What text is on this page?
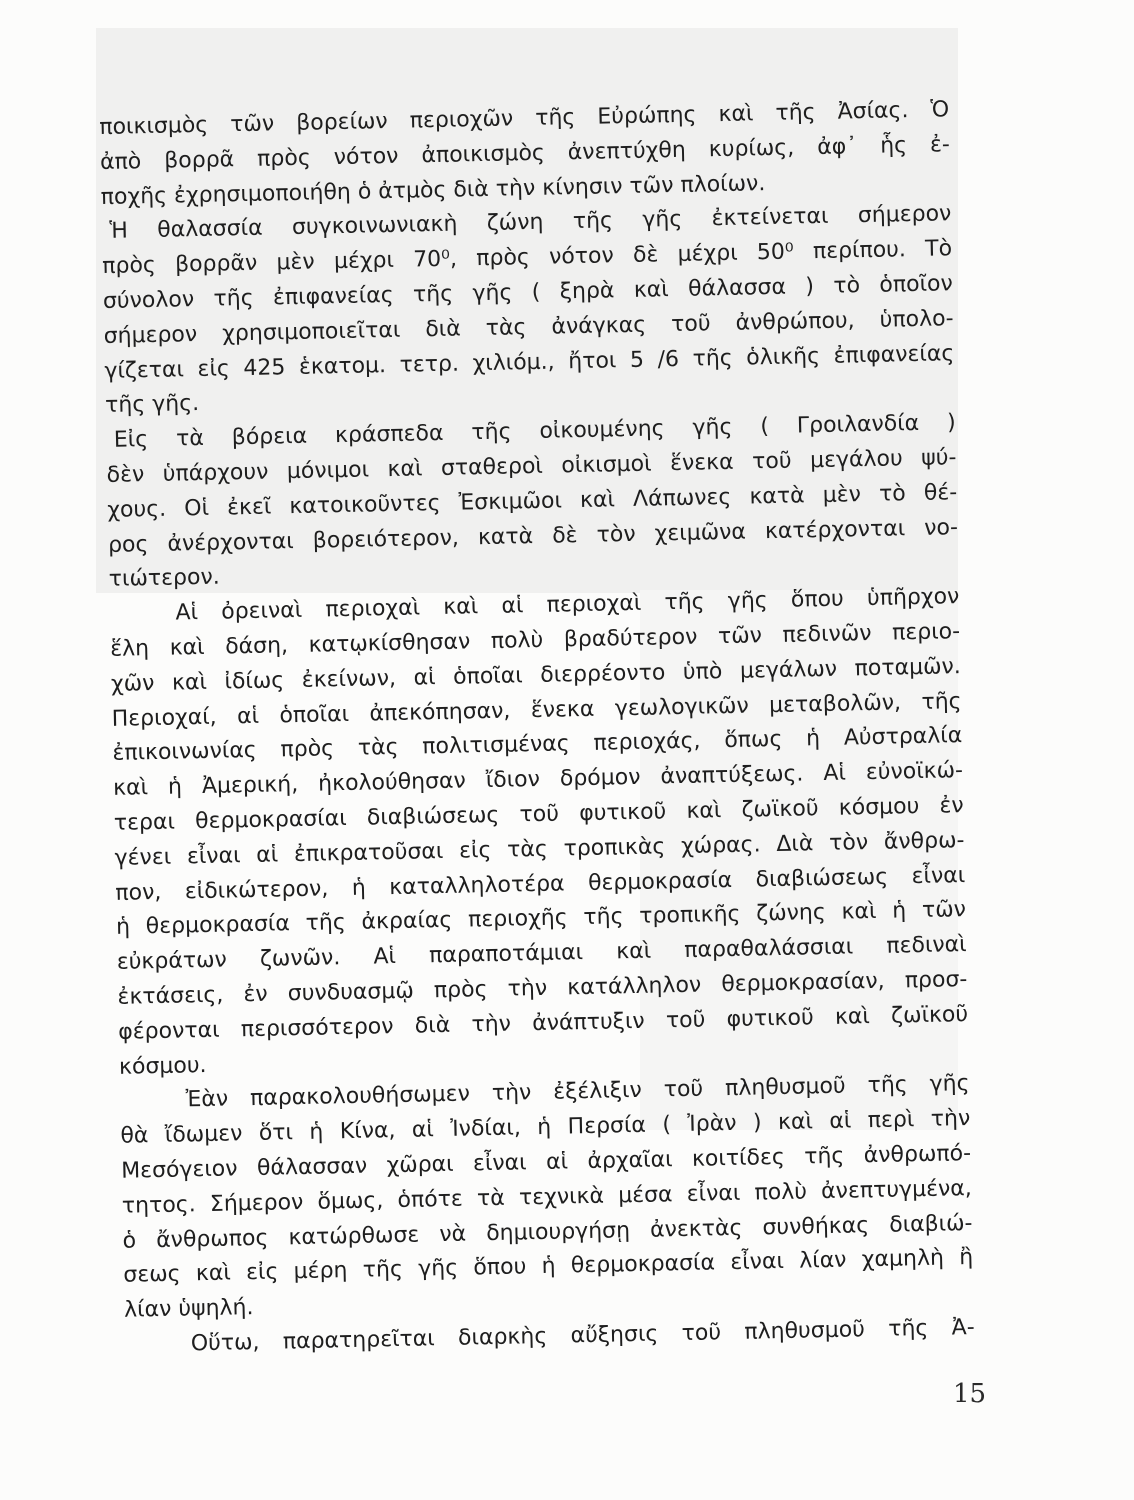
ποικισμὸς τῶν βορείων περιοχῶν τῆς Εὐρώπης καὶ τῆς Ἀσίας. Ὁ
ἀπὸ βορρᾶ πρὸς νότον ἀποικισμὸς ἀνεπτύχθη κυρίως, ἀφ᾽ ἧς ἐ-
ποχῆς ἐχρησιμοποιήθη ὁ ἀτμὸς διὰ τὴν κίνησιν τῶν πλοίων.
Ἡ θαλασσία συγκοινωνιακὴ ζώνη τῆς γῆς ἐκτείνεται σήμερον
πρὸς βορρᾶν μὲν μέχρι 70⁰, πρὸς νότον δὲ μέχρι 50⁰ περίπου. Τὸ
σύνολον τῆς ἐπιφανείας τῆς γῆς ( ξηρὰ καὶ θάλασσα ) τὸ ὁποῖον
σήμερον χρησιμοποιεῖται διὰ τὰς ἀνάγκας τοῦ ἀνθρώπου, ὑπολο-
γίζεται εἰς 425 ἑκατομ. τετρ. χιλιόμ., ἤτοι 5 /6 τῆς ὁλικῆς ἐπιφανείας
τῆς γῆς.
Εἰς τὰ βόρεια κράσπεδα τῆς οἰκουμένης γῆς ( Γροιλανδία )
δὲν ὑπάρχουν μόνιμοι καὶ σταθεροὶ οἰκισμοὶ ἕνεκα τοῦ μεγάλου ψύ-
χους. Οἱ ἐκεῖ κατοικοῦντες Ἐσκιμῶοι καὶ Λάπωνες κατὰ μὲν τὸ θέ-
ρος ἀνέρχονται βορειότερον, κατὰ δὲ τὸν χειμῶνα κατέρχονται νο-
τιώτερον.
Αἱ ὀρειναὶ περιοχαὶ καὶ αἱ περιοχαὶ τῆς γῆς ὅπου ὑπῆρχον
ἕλη καὶ δάση, κατῳκίσθησαν πολὺ βραδύτερον τῶν πεδινῶν περιο-
χῶν καὶ ἰδίως ἐκείνων, αἱ ὁποῖαι διερρέοντο ὑπὸ μεγάλων ποταμῶν.
Περιοχαί, αἱ ὁποῖαι ἀπεκόπησαν, ἕνεκα γεωλογικῶν μεταβολῶν, τῆς
ἐπικοινωνίας πρὸς τὰς πολιτισμένας περιοχάς, ὅπως ἡ Αὐστραλία
καὶ ἡ Ἀμερική, ἠκολούθησαν ἴδιον δρόμον ἀναπτύξεως. Αἱ εὐνοϊκώ-
τεραι θερμοκρασίαι διαβιώσεως τοῦ φυτικοῦ καὶ ζωϊκοῦ κόσμου ἐν
γένει εἶναι αἱ ἐπικρατοῦσαι εἰς τὰς τροπικὰς χώρας. Διὰ τὸν ἄνθρω-
πον, εἰδικώτερον, ἡ καταλληλοτέρα θερμοκρασία διαβιώσεως εἶναι
ἡ θερμοκρασία τῆς ἀκραίας περιοχῆς τῆς τροπικῆς ζώνης καὶ ἡ τῶν
εὐκράτων ζωνῶν. Αἱ παραποτάμιαι καὶ παραθαλάσσιαι πεδιναὶ
ἐκτάσεις, ἐν συνδυασμῷ πρὸς τὴν κατάλληλον θερμοκρασίαν, προσ-
φέρονται περισσότερον διὰ τὴν ἀνάπτυξιν τοῦ φυτικοῦ καὶ ζωϊκοῦ
κόσμου.
Ἐὰν παρακολουθήσωμεν τὴν ἐξέλιξιν τοῦ πληθυσμοῦ τῆς γῆς
θὰ ἴδωμεν ὅτι ἡ Κίνα, αἱ Ἰνδίαι, ἡ Περσία ( Ἰρὰν ) καὶ αἱ περὶ τὴν
Μεσόγειον θάλασσαν χῶραι εἶναι αἱ ἀρχαῖαι κοιτίδες τῆς ἀνθρωπό-
τητος. Σήμερον ὅμως, ὁπότε τὰ τεχνικὰ μέσα εἶναι πολὺ ἀνεπτυγμένα,
ὁ ἄνθρωπος κατώρθωσε νὰ δημιουργήσῃ ἀνεκτὰς συνθήκας διαβιώ-
σεως καὶ εἰς μέρη τῆς γῆς ὅπου ἡ θερμοκρασία εἶναι λίαν χαμηλὴ ἢ
λίαν ὑψηλή.
Οὕτω, παρατηρεῖται διαρκὴς αὔξησις τοῦ πληθυσμοῦ τῆς Ἀ-
15
